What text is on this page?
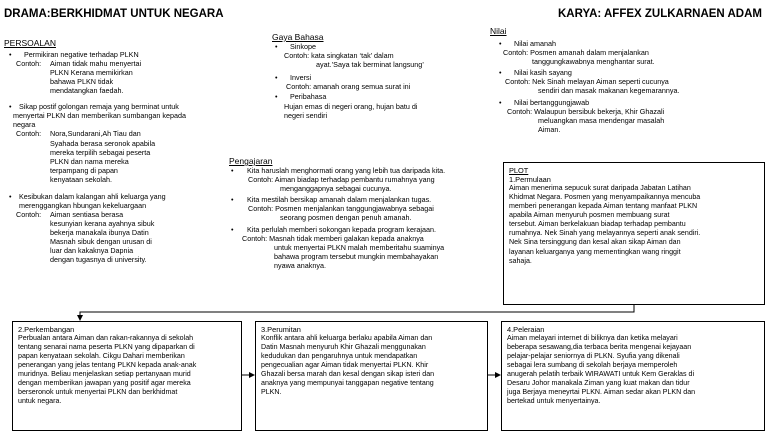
DRAMA:BERKHIDMAT UNTUK NEGARA	KARYA: AFFEX ZULKARNAEN ADAM
PERSOALAN
• Permikiran negative terhadap PLKN
Contoh: Aiman tidak mahu menyertai
PLKN Kerana memikirkan
bahawa PLKN tidak
mendatangkan faedah.
• Sikap postif golongan remaja yang berminat untuk
menyertai PLKN dan memberikan sumbangan kepada
negara
Contoh: Nora,Sundarani,Ah Tiau dan
Syahada berasa seronok apabila
mereka terpilih sebagai peserta
PLKN dan nama mereka
terpampang di papan
kenyataan sekolah.
• Kesibukan dalam kalangan ahli keluarga yang
merenggangkan hbungan kekeluargaan
Contoh: Aiman sentiasa berasa
kesunyian kerana ayahnya sibuk
bekerja manakala ibunya Datin
Masnah sibuk dengan urusan di
luar dan kakaknya Dapnia
dengan tugasnya di university.
Gaya Bahasa
• Sinkope
Contoh: kata singkatan ‘tak’ dalam
ayat.’Saya tak berminat langsung’
• Inversi
Contoh: amanah orang semua surat ini
• Peribahasa
Hujan emas di negeri orang, hujan batu di
negeri sendiri
Nilai
• Nilai amanah
Contoh: Posmen amanah dalam menjalankan
tanggungkawabnya menghantar surat.
• Nilai kasih sayang
Contoh: Nek Sinah melayan Aiman seperti cucunya
sendiri dan masak makanan kegemarannya.
• Nilai bertanggungjawab
Contoh: Walaupun bersibuk bekerja, Khir Ghazali
meluangkan masa mendengar masalah
Aiman.
Pengajaran
• Kita haruslah menghormati orang yang lebih tua daripada kita.
Contoh: Aiman biadap terhadap pembantu rumahnya yang
menganggapnya sebagai cucunya.
• Kita mestilah bersikap amanah dalam menjalankan tugas.
Contoh: Posmen menjalankan tanggungjawabnya sebagai
seorang posmen dengan penuh amanah.
• Kita perlulah memberi sokongan kepada program kerajaan.
Contoh: Masnah tidak memberi galakan kepada anaknya
untuk menyertai PLKN malah memberitahu suaminya
bahawa program tersebut mungkin membahayakan
nyawa anaknya.
PLOT
1.Permulaan
Aiman menerima sepucuk surat daripada Jabatan Latihan
Khidmat Negara. Posmen yang menyampaikannya mencuba
memberi penerangan kepada Aiman tentang manfaat PLKN
apabila Aiman menyuruh posmen membuang surat
tersebut. Aiman berkelakuan biadap terhadap pembantu
rumahnya. Nek Sinah yang melayannya seperti anak sendiri.
Nek Sina tersinggung dan kesal akan sikap Aiman dan
layanan keluarganya yang mementingkan wang ringgit
sahaja.
2.Perkembangan
Perbualan antara Aiman dan rakan-rakannya di sekolah
tentang senarai nama peserta PLKN yang dipaparkan di
papan kenyataan sekolah. Cikgu Dahari memberikan
penerangan yang jelas tentang PLKN kepada anak-anak
muridnya. Beliau menjelaskan setiap pertanyaan murid
dengan memberikan jawapan yang positif agar mereka
berseronok untuk menyertai PLKN dan berkhidmat
untuk negara.
3.Perumitan
Konflik antara ahli keluarga berlaku apabila Aiman dan
Datin Masnah menyuruh Khir Ghazali menggunakan
kedudukan dan pengaruhnya untuk mendapatkan
pengecualian agar Aiman tidak menyertai PLKN. Khir
Ghazali bersa marah dan kesal dengan sikap isteri dan
anaknya yang mempunyai tanggapan negative tentang
PLKN.
4.Peleraian
Aiman melayari internet di biliknya dan ketika melayari
beberapa sesawang,dia terbaca berita mengenai kejayaan
pelajar-pelajar seniornya di PLKN. Syufia yang dikenali
sebagai lera sumbang di sekolah berjaya memperoleh
anugerah pelatih terbaik WIRAWATI untuk Kem Geraklas di
Desaru Johor manakala Ziman yang kuat makan dan tidur
juga Berjaya meneyrtai PLKN. Aiman sedar akan PLKN dan
bertekad untuk menyertainya.
